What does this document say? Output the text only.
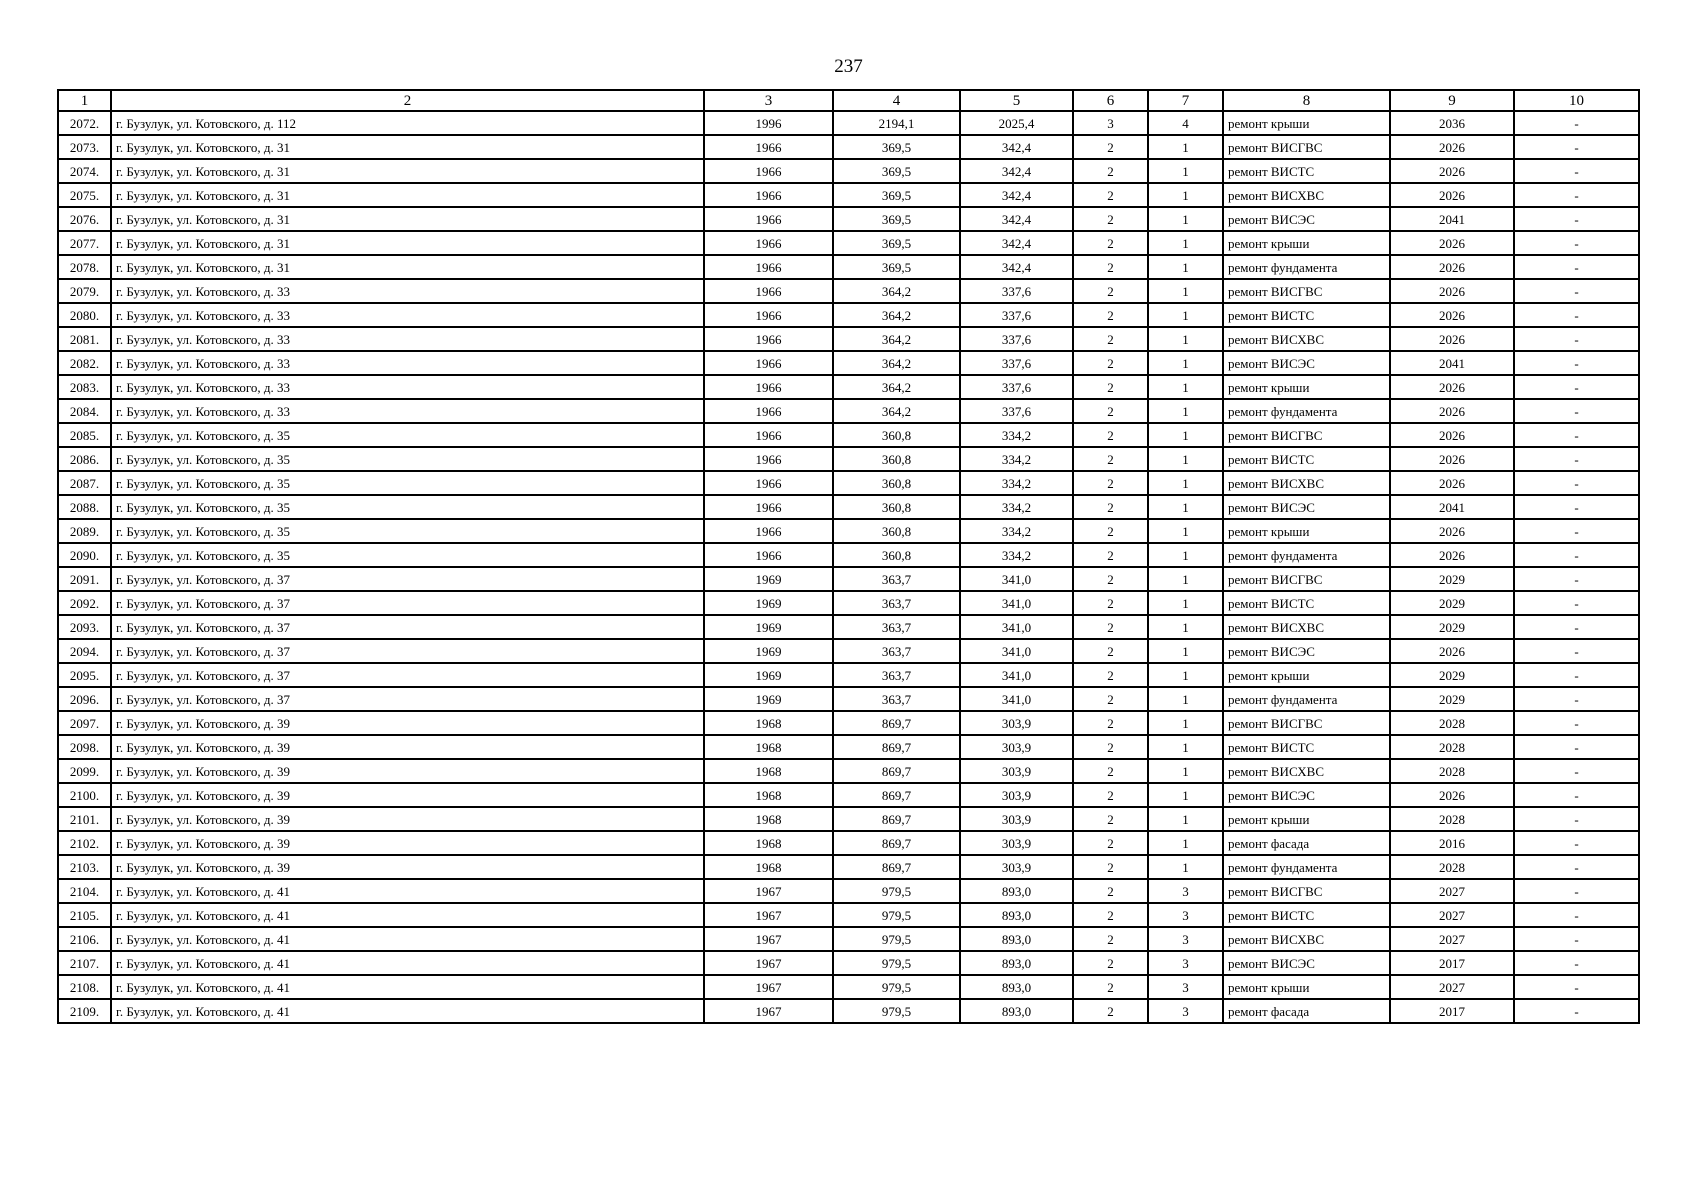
237
1	2	3	4	5	6	7	8	9	10
2072.	г. Бузулук, ул. Котовского, д. 112	1996	2194,1	2025,4	3	4	ремонт крыши	2036	-
2073.	г. Бузулук, ул. Котовского, д. 31	1966	369,5	342,4	2	1	ремонт ВИСГВС	2026	-
2074.	г. Бузулук, ул. Котовского, д. 31	1966	369,5	342,4	2	1	ремонт ВИСТС	2026	-
2075.	г. Бузулук, ул. Котовского, д. 31	1966	369,5	342,4	2	1	ремонт ВИСХВС	2026	-
2076.	г. Бузулук, ул. Котовского, д. 31	1966	369,5	342,4	2	1	ремонт ВИСЭС	2041	-
2077.	г. Бузулук, ул. Котовского, д. 31	1966	369,5	342,4	2	1	ремонт крыши	2026	-
2078.	г. Бузулук, ул. Котовского, д. 31	1966	369,5	342,4	2	1	ремонт фундамента	2026	-
2079.	г. Бузулук, ул. Котовского, д. 33	1966	364,2	337,6	2	1	ремонт ВИСГВС	2026	-
2080.	г. Бузулук, ул. Котовского, д. 33	1966	364,2	337,6	2	1	ремонт ВИСТС	2026	-
2081.	г. Бузулук, ул. Котовского, д. 33	1966	364,2	337,6	2	1	ремонт ВИСХВС	2026	-
2082.	г. Бузулук, ул. Котовского, д. 33	1966	364,2	337,6	2	1	ремонт ВИСЭС	2041	-
2083.	г. Бузулук, ул. Котовского, д. 33	1966	364,2	337,6	2	1	ремонт крыши	2026	-
2084.	г. Бузулук, ул. Котовского, д. 33	1966	364,2	337,6	2	1	ремонт фундамента	2026	-
2085.	г. Бузулук, ул. Котовского, д. 35	1966	360,8	334,2	2	1	ремонт ВИСГВС	2026	-
2086.	г. Бузулук, ул. Котовского, д. 35	1966	360,8	334,2	2	1	ремонт ВИСТС	2026	-
2087.	г. Бузулук, ул. Котовского, д. 35	1966	360,8	334,2	2	1	ремонт ВИСХВС	2026	-
2088.	г. Бузулук, ул. Котовского, д. 35	1966	360,8	334,2	2	1	ремонт ВИСЭС	2041	-
2089.	г. Бузулук, ул. Котовского, д. 35	1966	360,8	334,2	2	1	ремонт крыши	2026	-
2090.	г. Бузулук, ул. Котовского, д. 35	1966	360,8	334,2	2	1	ремонт фундамента	2026	-
2091.	г. Бузулук, ул. Котовского, д. 37	1969	363,7	341,0	2	1	ремонт ВИСГВС	2029	-
2092.	г. Бузулук, ул. Котовского, д. 37	1969	363,7	341,0	2	1	ремонт ВИСТС	2029	-
2093.	г. Бузулук, ул. Котовского, д. 37	1969	363,7	341,0	2	1	ремонт ВИСХВС	2029	-
2094.	г. Бузулук, ул. Котовского, д. 37	1969	363,7	341,0	2	1	ремонт ВИСЭС	2026	-
2095.	г. Бузулук, ул. Котовского, д. 37	1969	363,7	341,0	2	1	ремонт крыши	2029	-
2096.	г. Бузулук, ул. Котовского, д. 37	1969	363,7	341,0	2	1	ремонт фундамента	2029	-
2097.	г. Бузулук, ул. Котовского, д. 39	1968	869,7	303,9	2	1	ремонт ВИСГВС	2028	-
2098.	г. Бузулук, ул. Котовского, д. 39	1968	869,7	303,9	2	1	ремонт ВИСТС	2028	-
2099.	г. Бузулук, ул. Котовского, д. 39	1968	869,7	303,9	2	1	ремонт ВИСХВС	2028	-
2100.	г. Бузулук, ул. Котовского, д. 39	1968	869,7	303,9	2	1	ремонт ВИСЭС	2026	-
2101.	г. Бузулук, ул. Котовского, д. 39	1968	869,7	303,9	2	1	ремонт крыши	2028	-
2102.	г. Бузулук, ул. Котовского, д. 39	1968	869,7	303,9	2	1	ремонт фасада	2016	-
2103.	г. Бузулук, ул. Котовского, д. 39	1968	869,7	303,9	2	1	ремонт фундамента	2028	-
2104.	г. Бузулук, ул. Котовского, д. 41	1967	979,5	893,0	2	3	ремонт ВИСГВС	2027	-
2105.	г. Бузулук, ул. Котовского, д. 41	1967	979,5	893,0	2	3	ремонт ВИСТС	2027	-
2106.	г. Бузулук, ул. Котовского, д. 41	1967	979,5	893,0	2	3	ремонт ВИСХВС	2027	-
2107.	г. Бузулук, ул. Котовского, д. 41	1967	979,5	893,0	2	3	ремонт ВИСЭС	2017	-
2108.	г. Бузулук, ул. Котовского, д. 41	1967	979,5	893,0	2	3	ремонт крыши	2027	-
2109.	г. Бузулук, ул. Котовского, д. 41	1967	979,5	893,0	2	3	ремонт фасада	2017	-
